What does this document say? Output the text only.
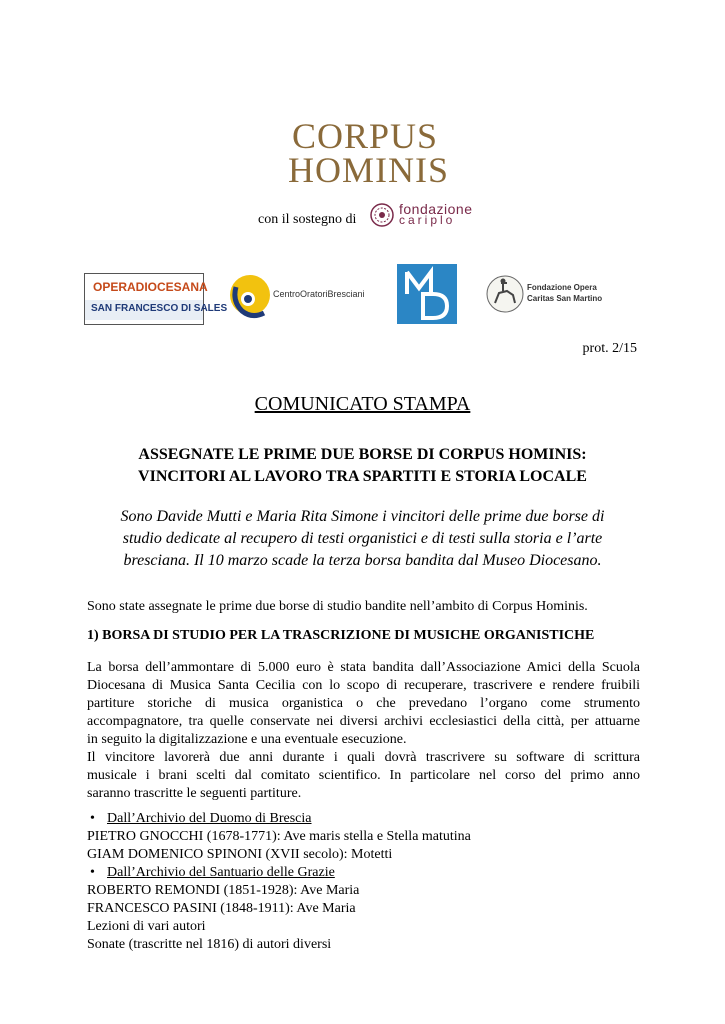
CORPUS
HOMINIS
con il sostegno di
fondazione
cariplo
OPERADIOCESANA
SAN FRANCESCO DI SALES
CentroOratoriBresciani
Fondazione Opera
Caritas San Martino
prot. 2/15
COMUNICATO STAMPA
ASSEGNATE LE PRIME DUE BORSE DI CORPUS HOMINIS:
VINCITORI AL LAVORO TRA SPARTITI E STORIA LOCALE
Sono Davide Mutti e Maria Rita Simone i vincitori delle prime due borse di
studio dedicate al recupero di testi organistici e di testi sulla storia e l’arte
bresciana. Il 10 marzo scade la terza borsa bandita dal Museo Diocesano.
Sono state assegnate le prime due borse di studio bandite nell’ambito di Corpus Hominis.
1) BORSA DI STUDIO PER LA TRASCRIZIONE DI MUSICHE ORGANISTICHE
La borsa dell’ammontare di 5.000 euro è stata bandita dall’Associazione Amici della Scuola
Diocesana di Musica Santa Cecilia con lo scopo di recuperare, trascrivere e rendere fruibili
partiture storiche di musica organistica o che prevedano l’organo come strumento
accompagnatore, tra quelle conservate nei diversi archivi ecclesiastici della città, per attuarne
in seguito la digitalizzazione e una eventuale esecuzione.
Il vincitore lavorerà due anni durante i quali dovrà trascrivere su software di scrittura
musicale i brani scelti dal comitato scientifico. In particolare nel corso del primo anno
saranno trascritte le seguenti partiture.
• Dall’Archivio del Duomo di Brescia
PIETRO GNOCCHI (1678-1771): Ave maris stella e Stella matutina
GIAM DOMENICO SPINONI (XVII secolo): Motetti
• Dall’Archivio del Santuario delle Grazie
ROBERTO REMONDI (1851-1928): Ave Maria
FRANCESCO PASINI (1848-1911): Ave Maria
Lezioni di vari autori
Sonate (trascritte nel 1816) di autori diversi
